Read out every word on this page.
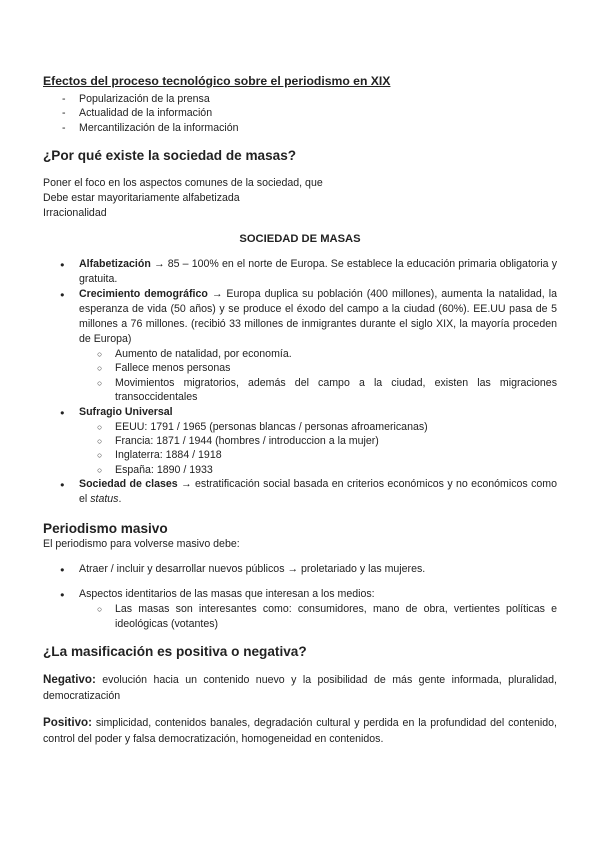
Efectos del proceso tecnológico sobre el periodismo en XIX
- Popularización de la prensa
- Actualidad de la información
- Mercantilización de la información
¿Por qué existe la sociedad de masas?
Poner el foco en los aspectos comunes de la sociedad, que
Debe estar mayoritariamente alfabetizada
Irracionalidad
SOCIEDAD DE MASAS
● Alfabetización → 85 – 100% en el norte de Europa. Se establece la educación primaria obligatoria y gratuita.
● Crecimiento demográfico → Europa duplica su población (400 millones), aumenta la natalidad, la esperanza de vida (50 años) y se produce el éxodo del campo a la ciudad (60%). EE.UU pasa de 5 millones a 76 millones. (recibió 33 millones de inmigrantes durante el siglo XIX, la mayoría proceden de Europa)
○ Aumento de natalidad, por economía.
○ Fallece menos personas
○ Movimientos migratorios, además del campo a la ciudad, existen las migraciones transoccidentales
● Sufragio Universal
○ EEUU: 1791 / 1965 (personas blancas / personas afroamericanas)
○ Francia: 1871 / 1944 (hombres / introduccion a la mujer)
○ Inglaterra: 1884 / 1918
○ España: 1890 / 1933
● Sociedad de clases → estratificación social basada en criterios económicos y no económicos como el status.
Periodismo masivo
El periodismo para volverse masivo debe:
● Atraer / incluir y desarrollar nuevos públicos → proletariado y las mujeres.
● Aspectos identitarios de las masas que interesan a los medios:
○ Las masas son interesantes como: consumidores, mano de obra, vertientes políticas e ideológicas (votantes)
¿La masificación es positiva o negativa?
Negativo: evolución hacia un contenido nuevo y la posibilidad de más gente informada, pluralidad, democratización
Positivo: simplicidad, contenidos banales, degradación cultural y perdida en la profundidad del contenido, control del poder y falsa democratización, homogeneidad en contenidos.
